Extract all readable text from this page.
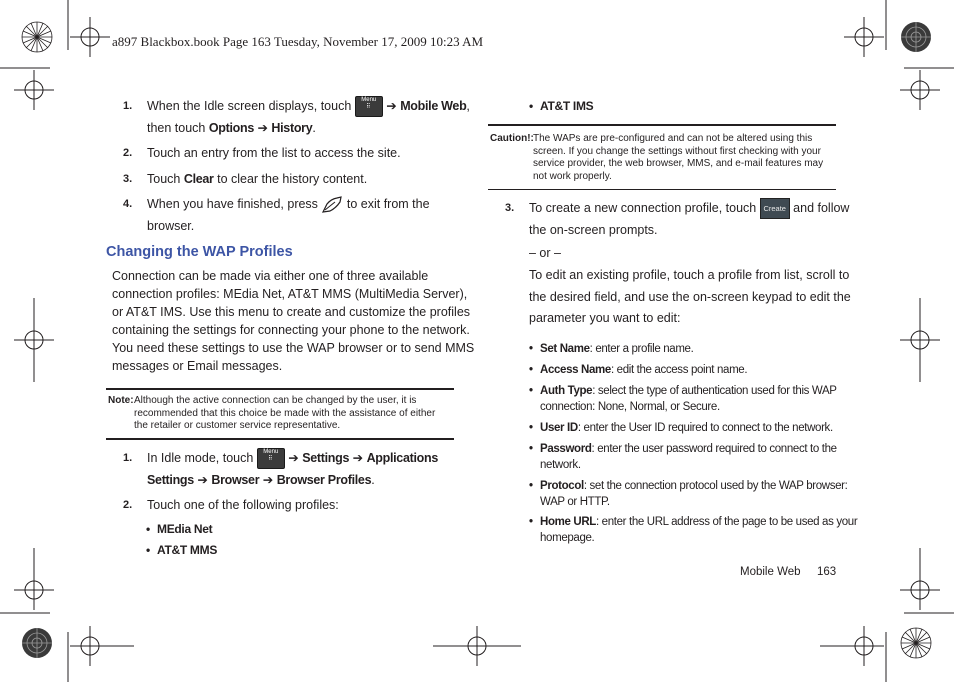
a897 Blackbox.book Page 163 Tuesday, November 17, 2009 10:23 AM
1. When the Idle screen displays, touch Menu
⠿ ➔ Mobile Web,
then touch Options ➔ History.
2. Touch an entry from the list to access the site.
3. Touch Clear to clear the history content.
4. When you have finished, press  to exit from the
browser.
Changing the WAP Profiles
Connection can be made via either one of three available
connection profiles: MEdia Net, AT&T MMS (MultiMedia Server),
or AT&T IMS. Use this menu to create and customize the profiles
containing the settings for connecting your phone to the network.
You need these settings to use the WAP browser or to send MMS
messages or Email messages.
Note: Although the active connection can be changed by the user, it is
recommended that this choice be made with the assistance of either
the retailer or customer service representative.
1. In Idle mode, touch Menu
⠿ ➔ Settings ➔ Applications
Settings ➔ Browser ➔ Browser Profiles.
2. Touch one of the following profiles:
• MEdia Net
• AT&T MMS
• AT&T IMS
Caution!: The WAPs are pre-configured and can not be altered using this
screen. If you change the settings without first checking with your
service provider, the web browser, MMS, and e-mail features may
not work properly.
3. To create a new connection profile, touch Create and follow
the on-screen prompts.
– or –
To edit an existing profile, touch a profile from list, scroll to
the desired field, and use the on-screen keypad to edit the
parameter you want to edit:
• Set Name: enter a profile name.
• Access Name: edit the access point name.
• Auth Type: select the type of authentication used for this WAP
connection: None, Normal, or Secure.
• User ID: enter the User ID required to connect to the network.
• Password: enter the user password required to connect to the
network.
• Protocol: set the connection protocol used by the WAP browser:
WAP or HTTP.
• Home URL: enter the URL address of the page to be used as your
homepage.
Mobile Web 163
